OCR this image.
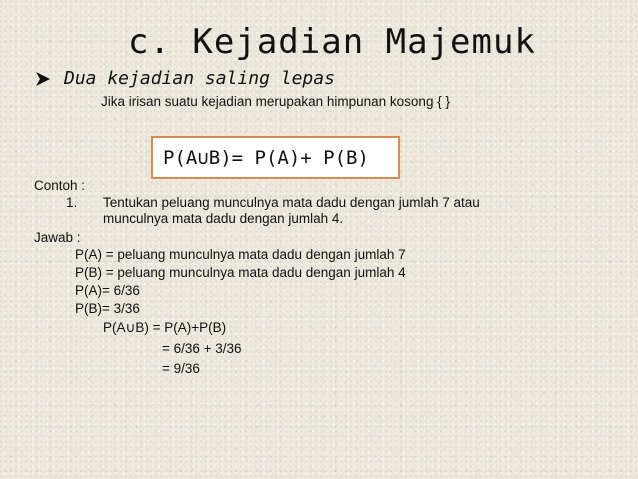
c. Kejadian Majemuk
Dua kejadian saling lepas
Jika irisan suatu kejadian merupakan himpunan kosong { }
P(A∪B)= P(A)+ P(B)
Contoh :
1. Tentukan peluang munculnya mata dadu dengan jumlah 7 atau
munculnya mata dadu dengan jumlah 4.
Jawab :
P(A) = peluang munculnya mata dadu dengan jumlah 7
P(B) = peluang munculnya mata dadu dengan jumlah 4
P(A)= 6/36
P(B)= 3/36
P(A∪B) = P(A)+P(B)
= 6/36 + 3/36
= 9/36
